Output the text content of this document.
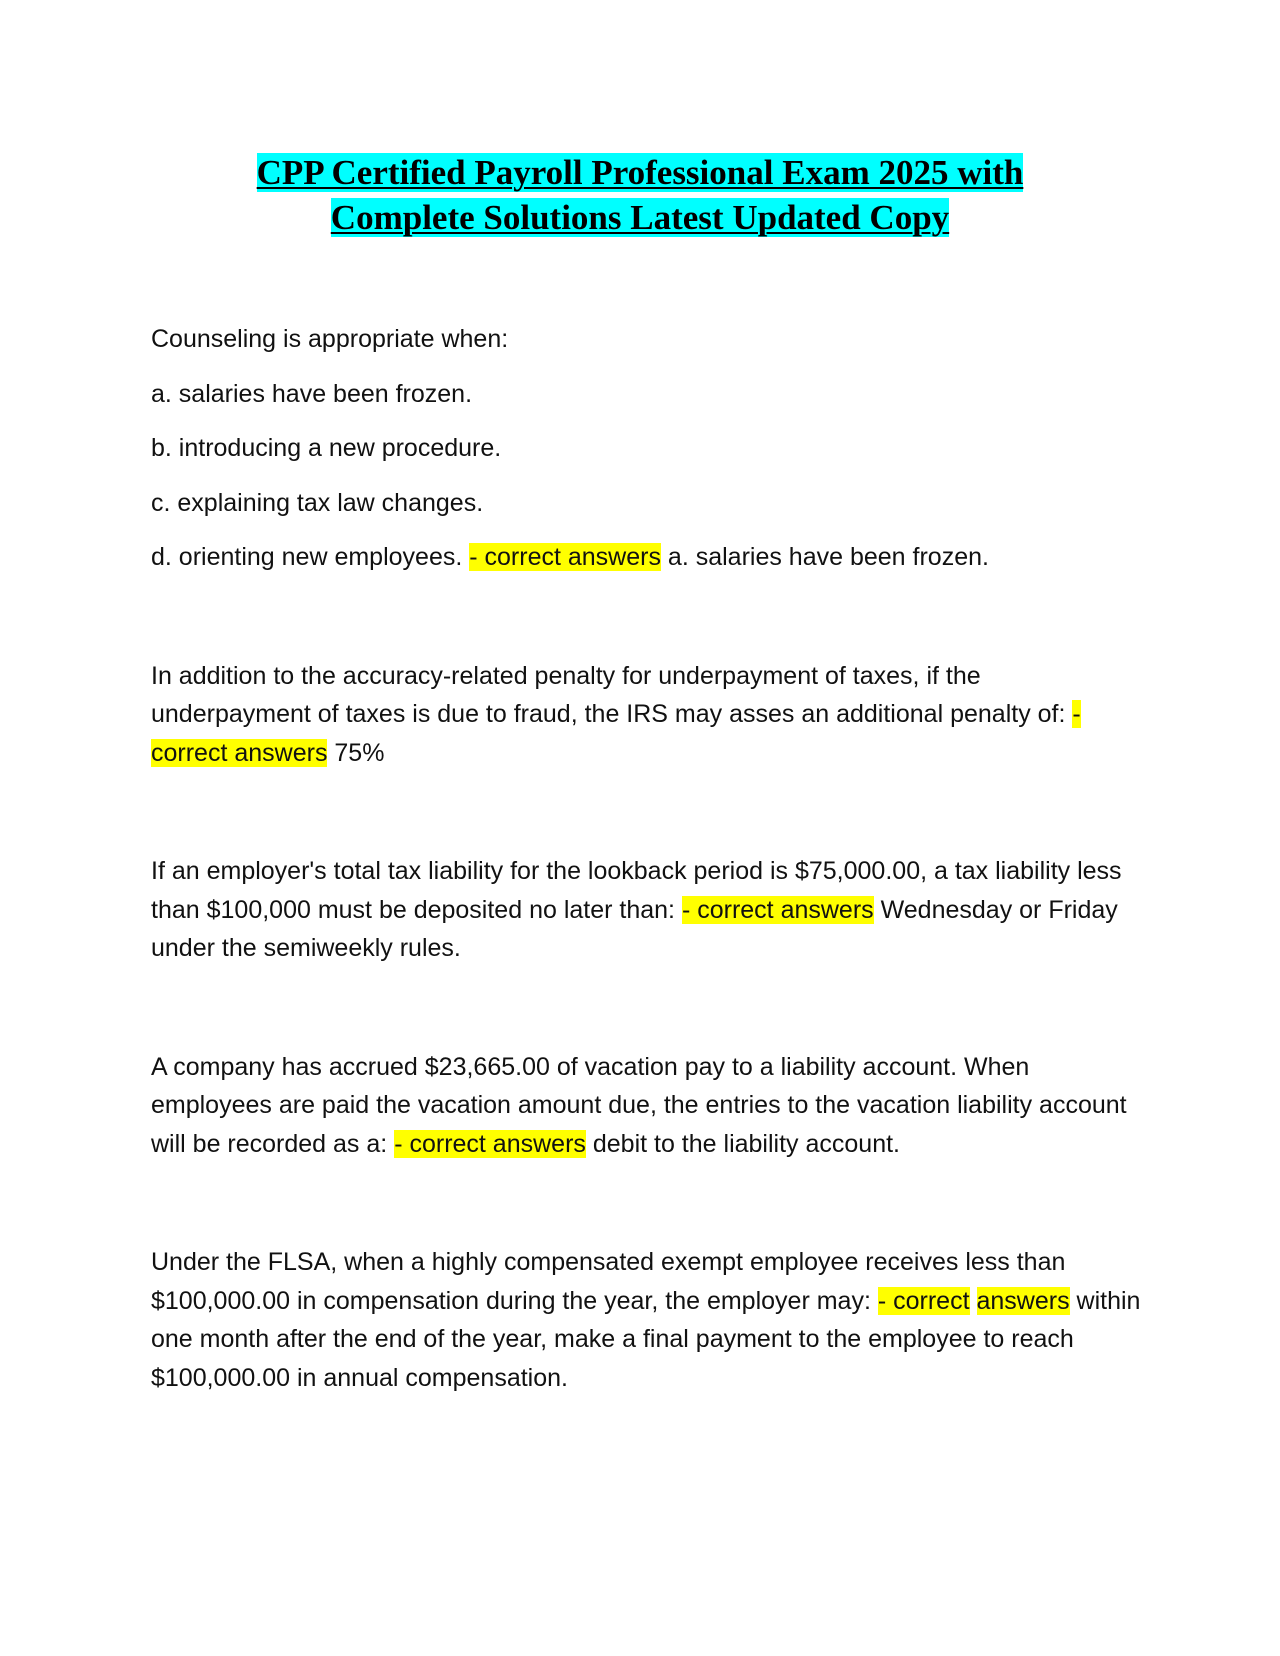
CPP Certified Payroll Professional Exam 2025 with
Complete Solutions Latest Updated Copy

Counseling is appropriate when:

a. salaries have been frozen.

b. introducing a new procedure.

c. explaining tax law changes.

d. orienting new employees. - correct answers a. salaries have been frozen.

In addition to the accuracy-related penalty for underpayment of taxes, if the underpayment of taxes is due to fraud, the IRS may asses an additional penalty of: - correct answers 75%

If an employer's total tax liability for the lookback period is $75,000.00, a tax liability less than $100,000 must be deposited no later than: - correct answers Wednesday or Friday under the semiweekly rules.

A company has accrued $23,665.00 of vacation pay to a liability account. When employees are paid the vacation amount due, the entries to the vacation liability account will be recorded as a: - correct answers debit to the liability account.

Under the FLSA, when a highly compensated exempt employee receives less than $100,000.00 in compensation during the year, the employer may: - correct answers within one month after the end of the year, make a final payment to the employee to reach $100,000.00 in annual compensation.
